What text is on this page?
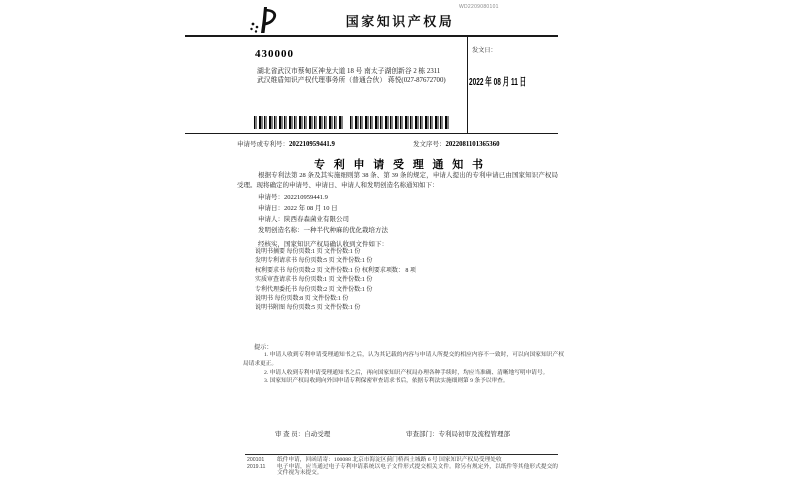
国家知识产权局
WD2209080101
430000
湖北省武汉市蔡甸区神龙大道 18 号 南太子湖创新谷 2 栋 2311
武汉维盾知识产权代理事务所（普通合伙） 蒋悦(027-87672700)
发文日：
2022 年 08 月 11 日
申请号或专利号：202210959441.9	发文序号：2022081101365360
专 利 申 请 受 理 通 知 书
根据专利法第 28 条及其实施细则第 38 条、第 39 条的规定，申请人提出的专利申请已由国家知识产权局受理。现将确定的申请号、申请日、申请人和发明创造名称通知如下：
申请号：202210959441.9
申请日：2022 年 08 月 10 日
申请人：陕西春森菌业有限公司
发明创造名称：一种半代种麻的优化栽培方法
经核实，国家知识产权局确认收到文件如下：
说明书摘要 每份页数:1 页 文件份数:1 份
发明专利请求书 每份页数:5 页 文件份数:1 份
权利要求书 每份页数:2 页 文件份数:1 份 权利要求项数： 8 项
实质审查请求书 每份页数:1 页 文件份数:1 份
专利代理委托书 每份页数:2 页 文件份数:1 份
说明书 每份页数:8 页 文件份数:1 份
说明书附图 每份页数:5 页 文件份数:1 份
提示：
1. 申请人收到专利申请受理通知书之后，认为其记载的内容与申请人所提交的相应内容不一致时，可以向国家知识产权局请求更正。
2. 申请人收到专利申请受理通知书之后，再向国家知识产权局办理各种手续时，均应当准确、清晰地写明申请号。
3. 国家知识产权局收到向外国申请专利保密审查请求书后，依据专利法实施细则第 9 条予以审查。
审 查 员：自动受理	审查部门：专利局初审及流程管理部
200101
2019.11
纸件申请，回函请寄：100088 北京市海淀区蓟门桥西土城路 6 号 国家知识产权局受理处收
电子申请，应当通过电子专利申请系统以电子文件形式提交相关文件。除另有规定外，以纸件等其他形式提交的文件视为未提交。
